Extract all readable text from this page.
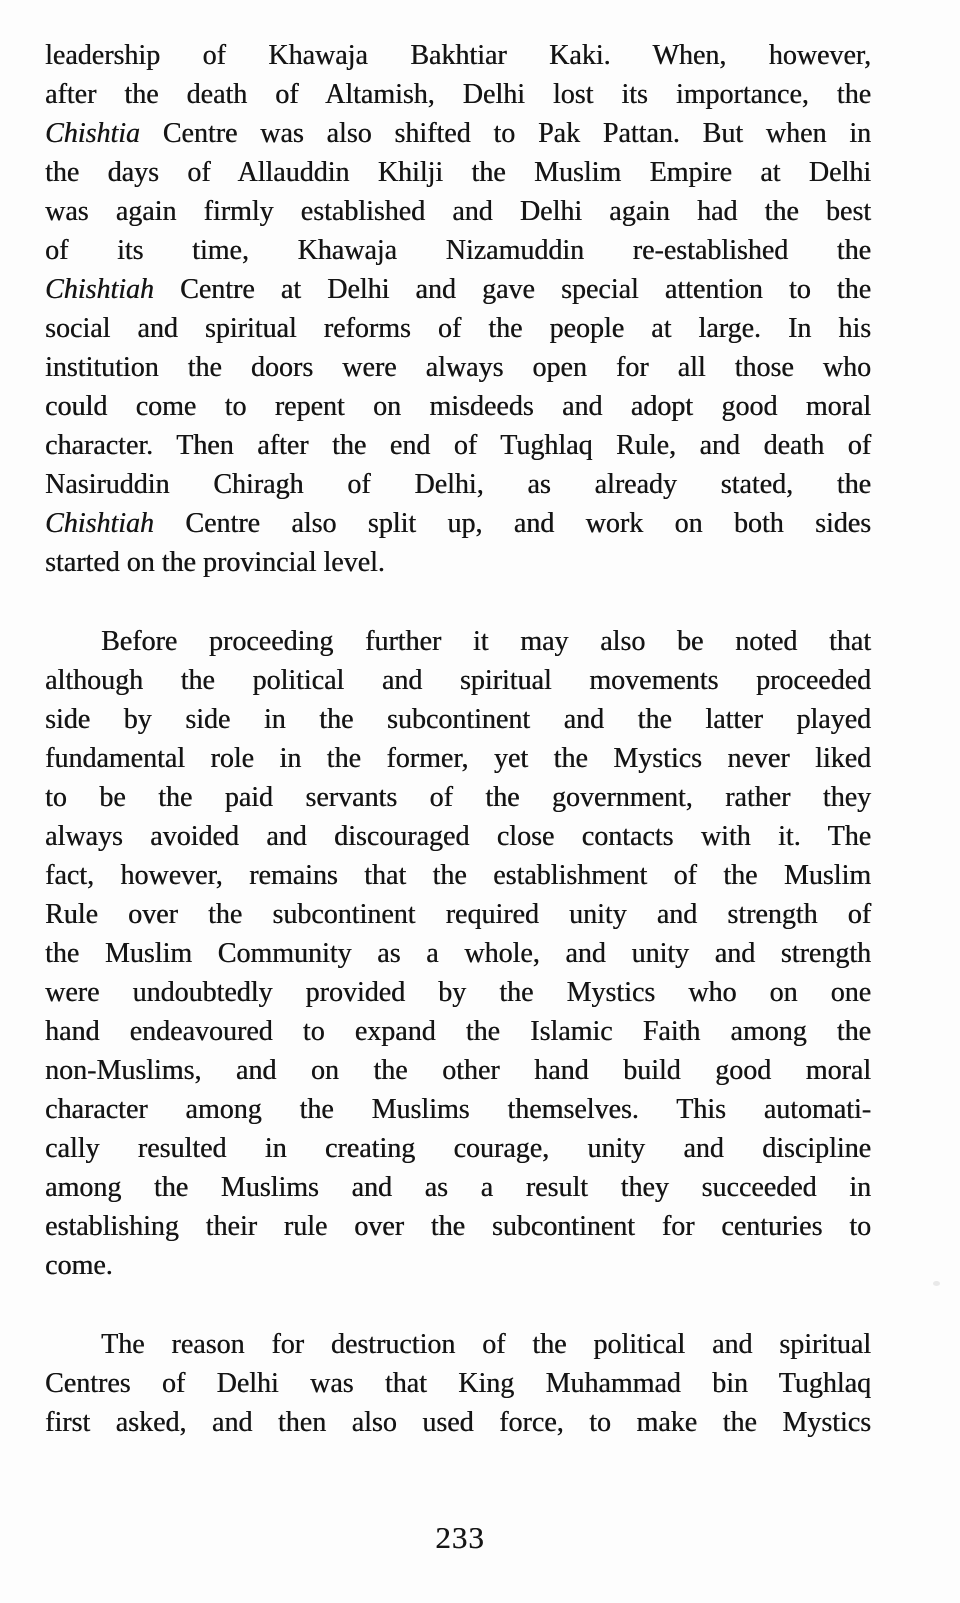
leadership of Khawaja Bakhtiar Kaki. When, however,
after the death of Altamish, Delhi lost its importance, the
Chishtia Centre was also shifted to Pak Pattan. But when in
the days of Allauddin Khilji the Muslim Empire at Delhi
was again firmly established and Delhi again had the best
of its time, Khawaja Nizamuddin re-established the
Chishtiah Centre at Delhi and gave special attention to the
social and spiritual reforms of the people at large. In his
institution the doors were always open for all those who
could come to repent on misdeeds and adopt good moral
character. Then after the end of Tughlaq Rule, and death of
Nasiruddin Chiragh of Delhi, as already stated, the
Chishtiah Centre also split up, and work on both sides
started on the provincial level.
Before proceeding further it may also be noted that
although the political and spiritual movements proceeded
side by side in the subcontinent and the latter played
fundamental role in the former, yet the Mystics never liked
to be the paid servants of the government, rather they
always avoided and discouraged close contacts with it. The
fact, however, remains that the establishment of the Muslim
Rule over the subcontinent required unity and strength of
the Muslim Community as a whole, and unity and strength
were undoubtedly provided by the Mystics who on one
hand endeavoured to expand the Islamic Faith among the
non-Muslims, and on the other hand build good moral
character among the Muslims themselves. This automati-
cally resulted in creating courage, unity and discipline
among the Muslims and as a result they succeeded in
establishing their rule over the subcontinent for centuries to
come.
The reason for destruction of the political and spiritual
Centres of Delhi was that King Muhammad bin Tughlaq
first asked, and then also used force, to make the Mystics
233
